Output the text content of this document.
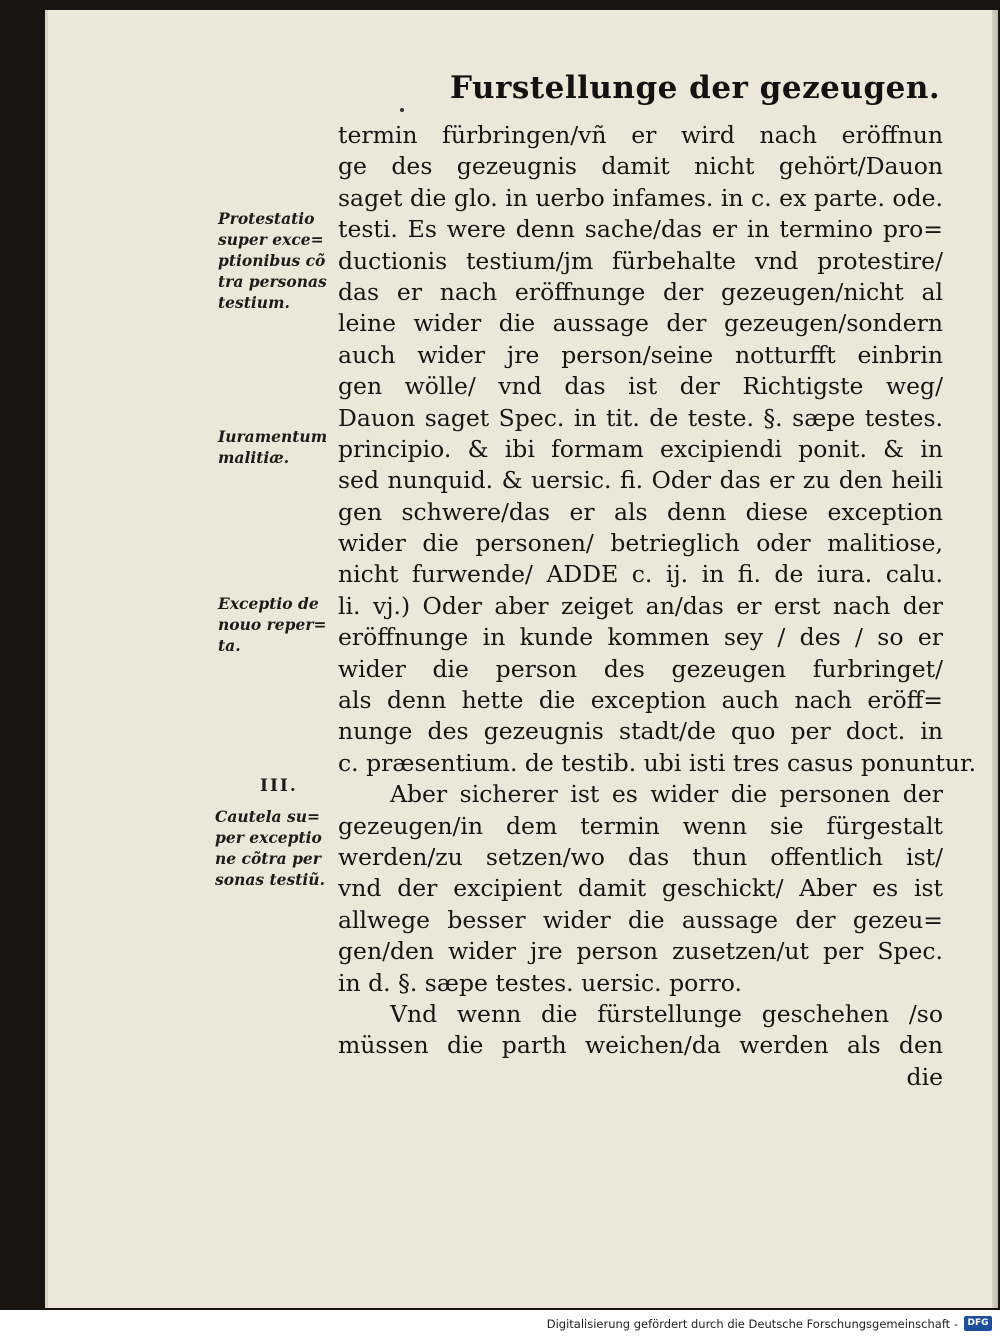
Furstellunge der gezeugen.
Protestatio
super exce=
ptionibus cõ
tra personas
testium.
Iuramentum
malitiæ.
Exceptio de
nouo reper=
ta.
III.
Cautela su=
per exceptio
ne cõtra per
sonas testiũ.
termin fürbringen/vñ er wird nach eröffnun
ge des gezeugnis damit nicht gehört/Dauon
saget die glo. in uerbo infames. in c. ex parte. ode.
testi. Es were denn sache/das er in termino pro=
ductionis testium/jm fürbehalte vnd protestire/
das er nach eröffnunge der gezeugen/nicht al
leine wider die aussage der gezeugen/sondern
auch wider jre person/seine notturfft einbrin
gen wölle/ vnd das ist der Richtigste weg/
Dauon saget Spec. in tit. de teste. §. sæpe testes.
principio. & ibi formam excipiendi ponit. & in
sed nunquid. & uersic. fi. Oder das er zu den heili
gen schwere/das er als denn diese exception
wider die personen/ betrieglich oder malitiose,
nicht furwende/ ADDE c. ij. in fi. de iura. calu.
li. vj.) Oder aber zeiget an/das er erst nach der
eröffnunge in kunde kommen sey / des / so er
wider die person des gezeugen furbringet/
als denn hette die exception auch nach eröff=
nunge des gezeugnis stadt/de quo per doct. in
c. præsentium. de testib. ubi isti tres casus ponuntur.
Aber sicherer ist es wider die personen der
gezeugen/in dem termin wenn sie fürgestalt
werden/zu setzen/wo das thun offentlich ist/
vnd der excipient damit geschickt/ Aber es ist
allwege besser wider die aussage der gezeu=
gen/den wider jre person zusetzen/ut per Spec.
in d. §. sæpe testes. uersic. porro.
Vnd wenn die fürstellunge geschehen /so
müssen die parth weichen/da werden als den
die
Digitalisierung gefördert durch die Deutsche Forschungsgemeinschaft -	DFG
